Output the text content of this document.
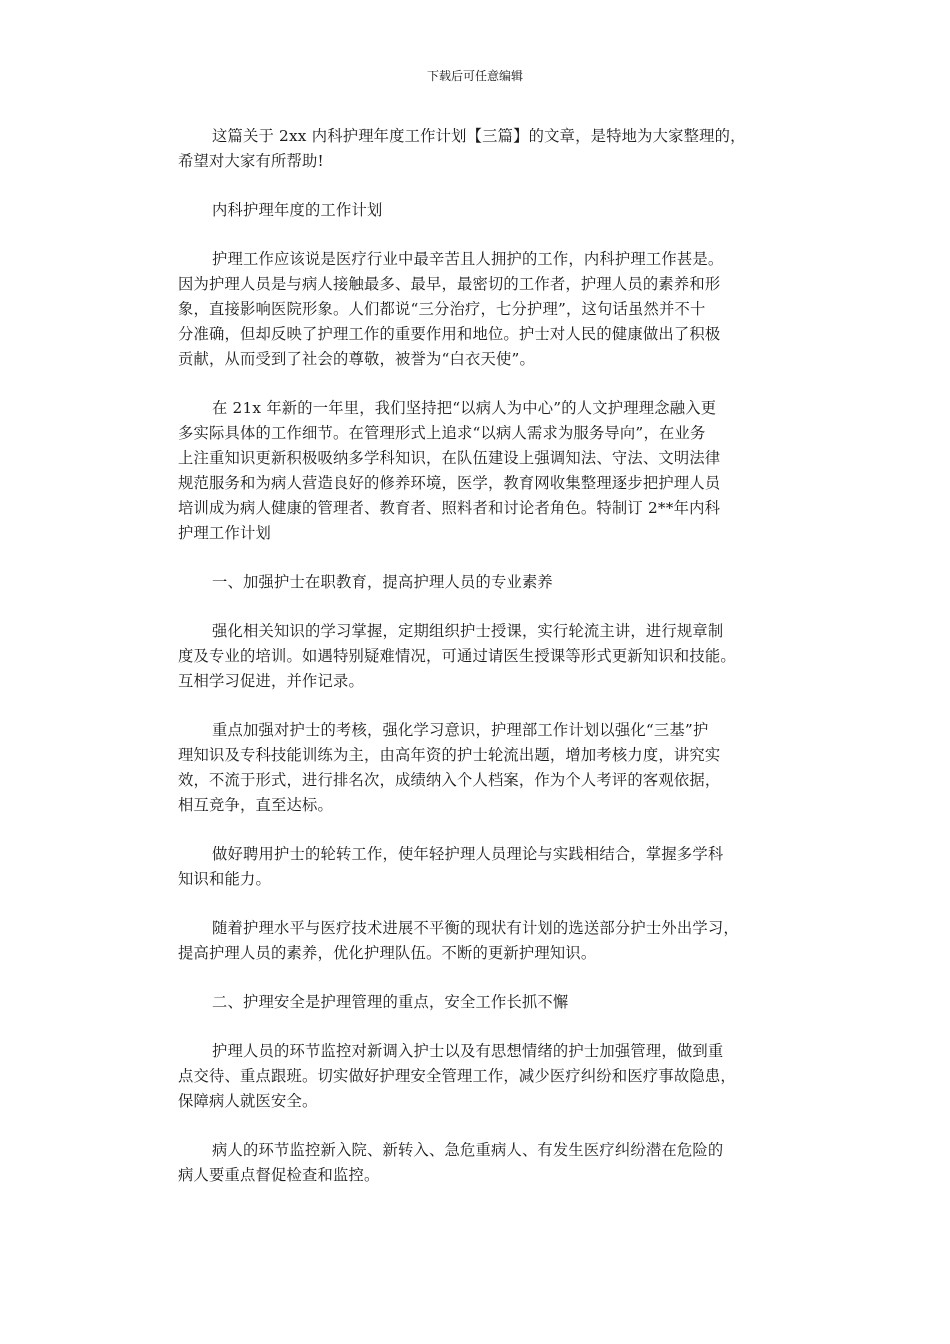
下载后可任意编辑

这篇关于 2xx 内科护理年度工作计划【三篇】的文章，是特地为大家整理的，
希望对大家有所帮助!

内科护理年度的工作计划

护理工作应该说是医疗行业中最辛苦且人拥护的工作，内科护理工作甚是。
因为护理人员是与病人接触最多、最早，最密切的工作者，护理人员的素养和形
象，直接影响医院形象。人们都说“三分治疗，七分护理”，这句话虽然并不十
分准确，但却反映了护理工作的重要作用和地位。护士对人民的健康做出了积极
贡献，从而受到了社会的尊敬，被誉为“白衣天使”。

在 21x 年新的一年里，我们坚持把“以病人为中心”的人文护理理念融入更
多实际具体的工作细节。在管理形式上追求“以病人需求为服务导向”，在业务
上注重知识更新积极吸纳多学科知识，在队伍建设上强调知法、守法、文明法律
规范服务和为病人营造良好的修养环境，医学，教育网收集整理逐步把护理人员
培训成为病人健康的管理者、教育者、照料者和讨论者角色。特制订 2**年内科
护理工作计划

一、加强护士在职教育，提高护理人员的专业素养

强化相关知识的学习掌握，定期组织护士授课，实行轮流主讲，进行规章制
度及专业的培训。如遇特别疑难情况，可通过请医生授课等形式更新知识和技能。
互相学习促进，并作记录。

重点加强对护士的考核，强化学习意识，护理部工作计划以强化“三基”护
理知识及专科技能训练为主，由高年资的护士轮流出题，增加考核力度，讲究实
效，不流于形式，进行排名次，成绩纳入个人档案，作为个人考评的客观依据，
相互竞争，直至达标。

做好聘用护士的轮转工作，使年轻护理人员理论与实践相结合，掌握多学科
知识和能力。

随着护理水平与医疗技术进展不平衡的现状有计划的选送部分护士外出学习，
提高护理人员的素养，优化护理队伍。不断的更新护理知识。

二、护理安全是护理管理的重点，安全工作长抓不懈

护理人员的环节监控对新调入护士以及有思想情绪的护士加强管理，做到重
点交待、重点跟班。切实做好护理安全管理工作，减少医疗纠纷和医疗事故隐患，
保障病人就医安全。

病人的环节监控新入院、新转入、急危重病人、有发生医疗纠纷潜在危险的
病人要重点督促检查和监控。
